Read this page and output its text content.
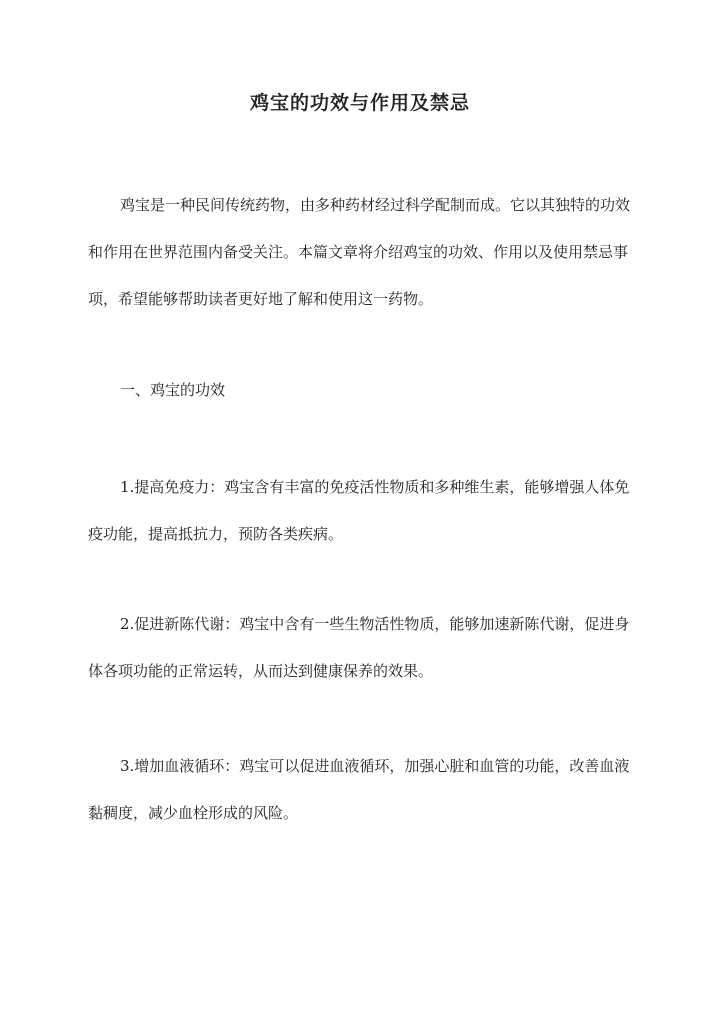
鸡宝的功效与作用及禁忌

鸡宝是一种民间传统药物，由多种药材经过科学配制而成。它以其独特的功效和作用在世界范围内备受关注。本篇文章将介绍鸡宝的功效、作用以及使用禁忌事项，希望能够帮助读者更好地了解和使用这一药物。

一、鸡宝的功效

1.提高免疫力：鸡宝含有丰富的免疫活性物质和多种维生素，能够增强人体免疫功能，提高抵抗力，预防各类疾病。

2.促进新陈代谢：鸡宝中含有一些生物活性物质，能够加速新陈代谢，促进身体各项功能的正常运转，从而达到健康保养的效果。

3.增加血液循环：鸡宝可以促进血液循环，加强心脏和血管的功能，改善血液黏稠度，减少血栓形成的风险。
